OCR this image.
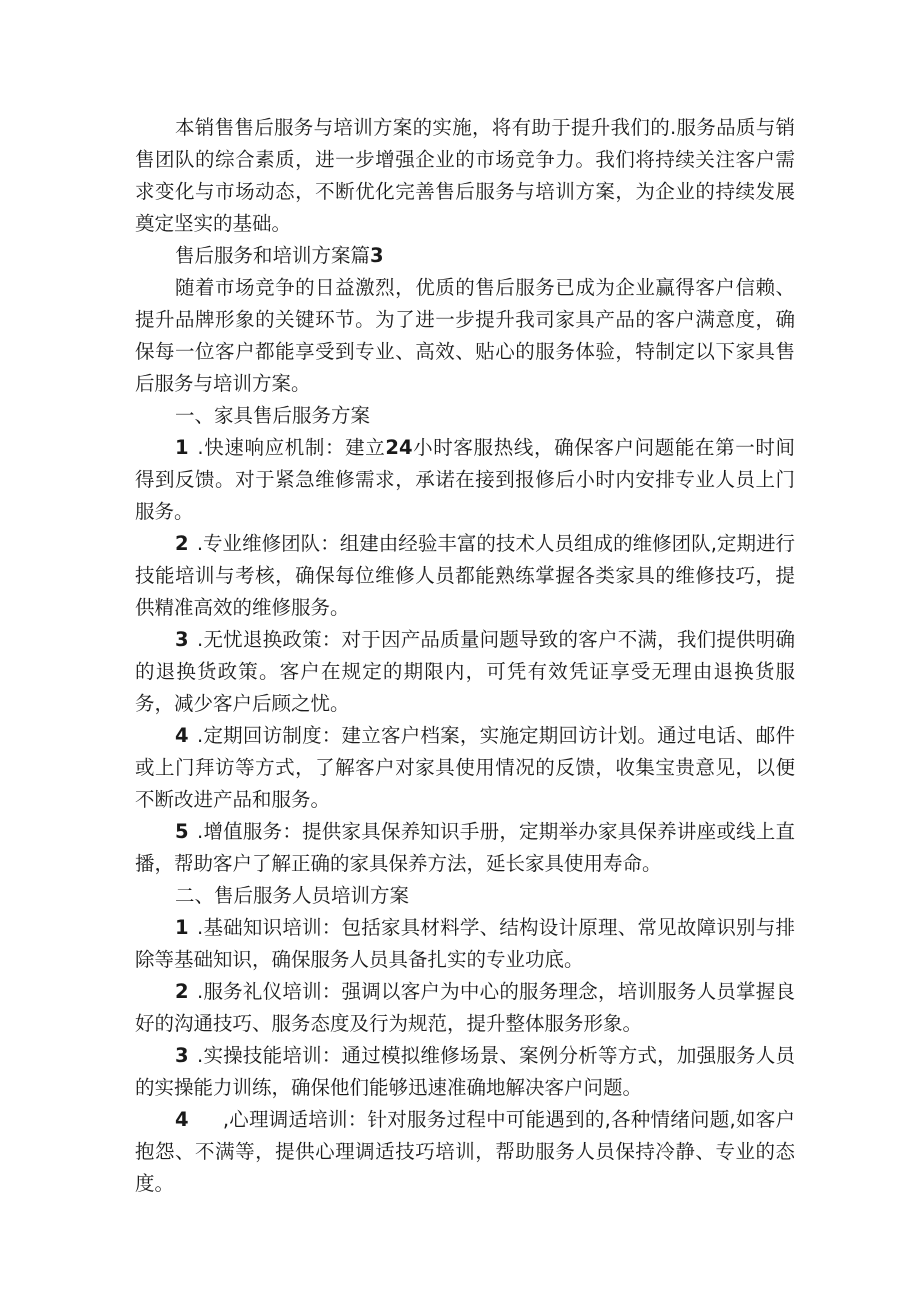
本销售售后服务与培训方案的实施，将有助于提升我们的.服务品质与销售团队的综合素质，进一步增强企业的市场竞争力。我们将持续关注客户需求变化与市场动态，不断优化完善售后服务与培训方案，为企业的持续发展奠定坚实的基础。

售后服务和培训方案篇3

随着市场竞争的日益激烈，优质的售后服务已成为企业赢得客户信赖、提升品牌形象的关键环节。为了进一步提升我司家具产品的客户满意度，确保每一位客户都能享受到专业、高效、贴心的服务体验，特制定以下家具售后服务与培训方案。

一、家具售后服务方案

1 .快速响应机制：建立24小时客服热线，确保客户问题能在第一时间得到反馈。对于紧急维修需求，承诺在接到报修后小时内安排专业人员上门服务。

2 .专业维修团队：组建由经验丰富的技术人员组成的维修团队,定期进行技能培训与考核，确保每位维修人员都能熟练掌握各类家具的维修技巧，提供精准高效的维修服务。

3 .无忧退换政策：对于因产品质量问题导致的客户不满，我们提供明确的退换货政策。客户在规定的期限内，可凭有效凭证享受无理由退换货服务，减少客户后顾之忧。

4 .定期回访制度：建立客户档案，实施定期回访计划。通过电话、邮件或上门拜访等方式，了解客户对家具使用情况的反馈，收集宝贵意见，以便不断改进产品和服务。

5 .增值服务：提供家具保养知识手册，定期举办家具保养讲座或线上直播，帮助客户了解正确的家具保养方法，延长家具使用寿命。

二、售后服务人员培训方案

1 .基础知识培训：包括家具材料学、结构设计原理、常见故障识别与排除等基础知识，确保服务人员具备扎实的专业功底。

2 .服务礼仪培训：强调以客户为中心的服务理念，培训服务人员掌握良好的沟通技巧、服务态度及行为规范，提升整体服务形象。

3 .实操技能培训：通过模拟维修场景、案例分析等方式，加强服务人员的实操能力训练，确保他们能够迅速准确地解决客户问题。

4 ,心理调适培训：针对服务过程中可能遇到的,各种情绪问题,如客户抱怨、不满等，提供心理调适技巧培训，帮助服务人员保持冷静、专业的态度。
